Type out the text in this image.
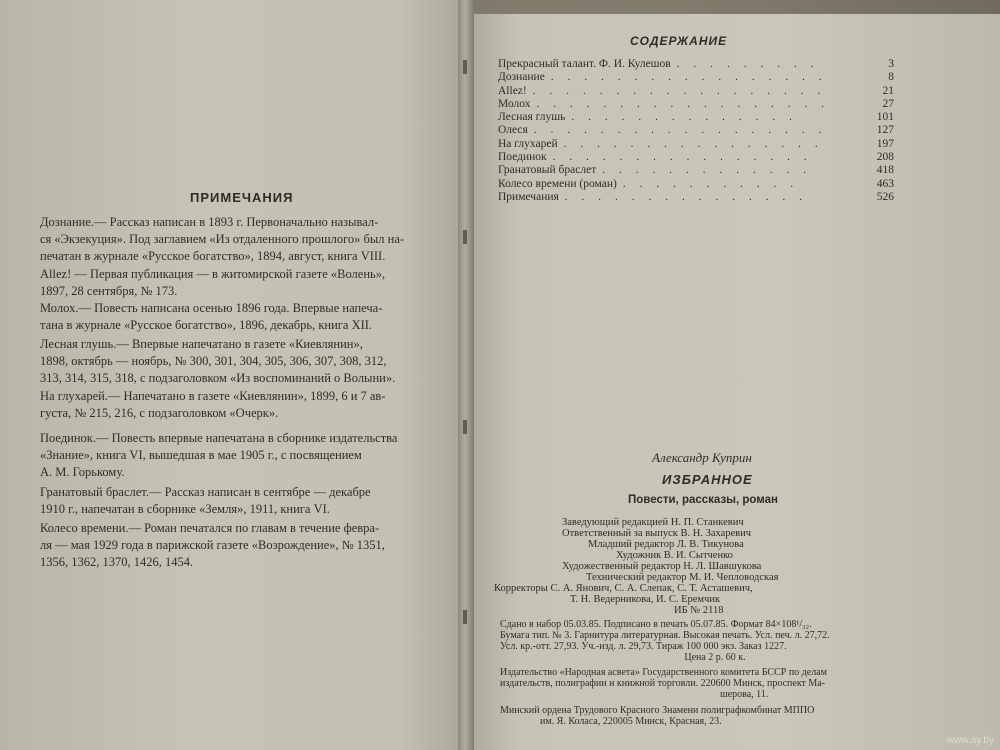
ПРИМЕЧАНИЯ
Дознание.— Рассказ написан в 1893 г. Первоначально называл-
ся «Экзекуция». Под заглавием «Из отдаленного прошлого» был на-
печатан в журнале «Русское богатство», 1894, август, книга VIII.
Allez! — Первая публикация — в житомирской газете «Волень»,
1897, 28 сентября, № 173.
Молох.— Повесть написана осенью 1896 года. Впервые напеча-
тана в журнале «Русское богатство», 1896, декабрь, книга XII.
Лесная глушь.— Впервые напечатано в газете «Киевлянин»,
1898, октябрь — ноябрь, № 300, 301, 304, 305, 306, 307, 308, 312,
313, 314, 315, 318, с подзаголовком «Из воспоминаний о Волыни».
На глухарей.— Напечатано в газете «Киевлянин», 1899, 6 и 7 ав-
густа, № 215, 216, с подзаголовком «Очерк».
Поединок.— Повесть впервые напечатана в сборнике издательства
«Знание», книга VI, вышедшая в мае 1905 г., с посвящением
А. М. Горькому.
Гранатовый браслет.— Рассказ написан в сентябре — декабре
1910 г., напечатан в сборнике «Земля», 1911, книга VI.
Колесо времени.— Роман печатался по главам в течение февра-
ля — мая 1929 года в парижской газете «Возрождение», № 1351,
1356, 1362, 1370, 1426, 1454.
СОДЕРЖАНИЕ
Прекрасный талант. Ф. И. Кулешов .........	3
Дознание .................	8
Allez! ..................	21
Молох ..................	27
Лесная глушь ..............	101
Олеся ..................	127
На глухарей ................	197
Поединок ................	208
Гранатовый браслет .............	418
Колесо времени (роман) ...........	463
Примечания ...............	526
Александр Куприн
ИЗБРАННОЕ
Повести, рассказы, роман
Заведующий редакцией Н. П. Станкевич
Ответственный за выпуск В. Н. Захаревич
Младший редактор Л. В. Тикунова
Художник В. И. Сытченко
Художественный редактор Н. Л. Шавшукова
Технический редактор М. И. Чепловодская
Корректоры С. А. Янович, С. А. Слепак, С. Т. Асташевич,
Т. Н. Ведерникова, И. С. Еремчик
ИБ № 2118
Сдано в набор 05.03.85. Подписано в печать 05.07.85. Формат 84×108¹/₃₂.
Бумага тип. № 3. Гарнитура литературная. Высокая печать. Усл. печ. л. 27,72.
Усл. кр.-отт. 27,93. Уч.-изд. л. 29,73. Тираж 100 000 экз. Заказ 1227.
Цена 2 р. 60 к.
Издательство «Народная асвета» Государственного комитета БССР по делам
издательств, полиграфии и книжной торговли. 220600 Минск, проспект Ма-
шерова, 11.
Минский ордена Трудового Красного Знамени полиграфкомбинат МППО
им. Я. Коласа, 220005 Минск, Красная, 23.
www.ay.by
